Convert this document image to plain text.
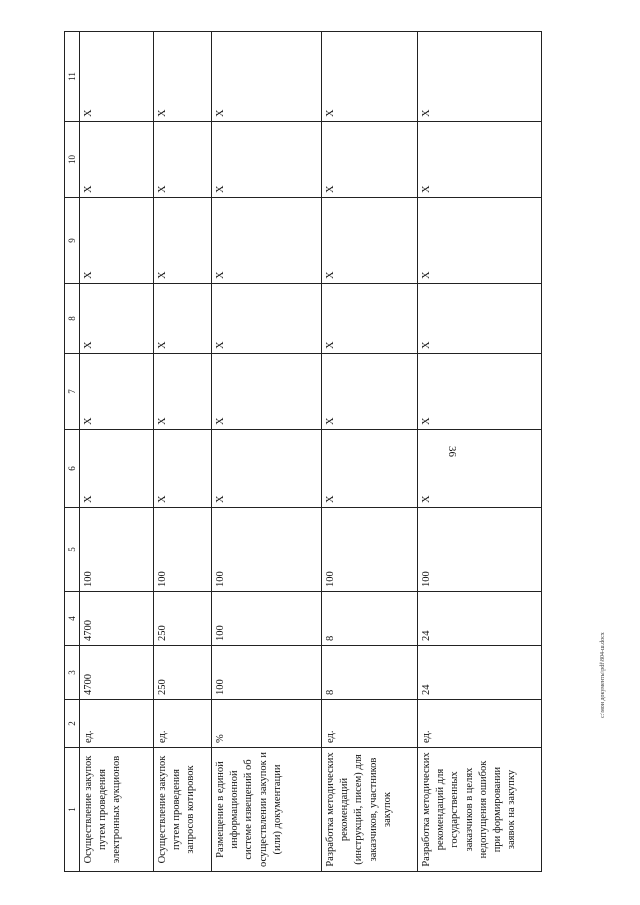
36
1	2	3	4	5	6	7	8	9	10	11
Осуществление закупок путем проведения электронных аукционов	ед.	4700	4700	100	X	X	X	X	X	X
Осуществление закупок путем проведения запросов котировок	ед.	250	250	100	X	X	X	X	X	X
Размещение в единой информационной системе извещений об осуществлении закупок и (или) документации	%	100	100	100	X	X	X	X	X	X
Разработка методических рекомендаций (инструкций, писем) для заказчиков, участников закупок	ед.	8	8	100	X	X	X	X	X	X
Разработка методических рекомендаций для государственных заказчиков в целях недопущения ошибок при формировании заявок на закупку	ед.	24	24	100	X	X	X	X	X	X
c:\мои документы\pdf\804-ш.docx
